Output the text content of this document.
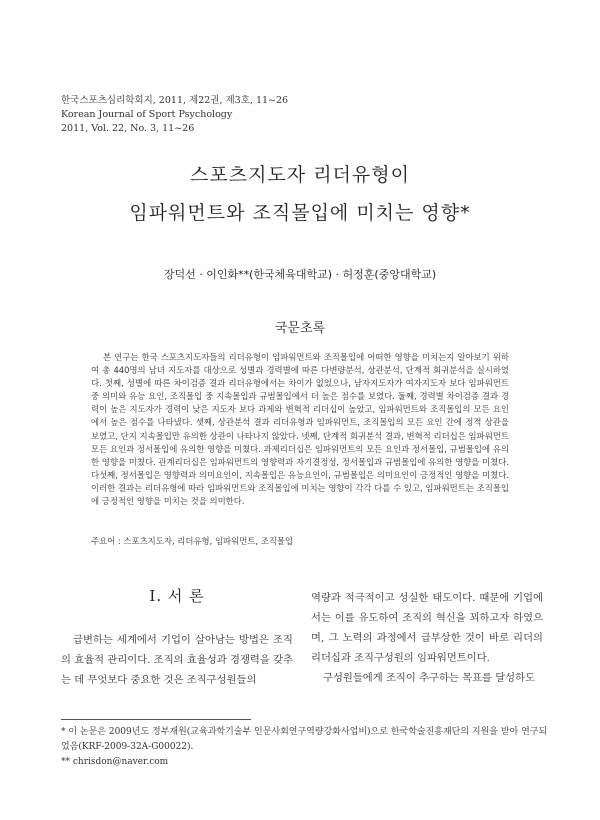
한국스포츠심리학회지, 2011, 제22권, 제3호, 11~26
Korean Journal of Sport Psychology
2011, Vol. 22, No. 3, 11~26
스포츠지도자 리더유형이
임파워먼트와 조직몰입에 미치는 영향*
장덕선 · 이인화**(한국체육대학교) · 허정훈(중앙대학교)
국문초록
본 연구는 한국 스포츠지도자들의 리더유형이 임파워먼트와 조직몰입에 어떠한 영향을 미치는지 알아보기 위하여 총 440명의 남녀 지도자를 대상으로 성별과 경력별에 따른 다변량분석, 상관분석, 단계적 회귀분석을 실시하였다. 첫째, 성별에 따른 차이검증 결과 리더유형에서는 차이가 없었으나, 남자지도자가 여자지도자 보다 임파워먼트 중 의미와 유능 요인, 조직몰입 중 지속몰입과 규범몰입에서 더 높은 점수를 보였다. 둘째, 경력별 차이검증 결과 경력이 높은 지도자가 경력이 낮은 지도자 보다 과제와 변혁적 리더십이 높았고, 임파워먼트와 조직몰입의 모든 요인에서 높은 점수를 나타냈다. 셋째, 상관분석 결과 리더유형과 임파워먼트, 조직몰입의 모든 요인 간에 정적 상관을 보였고, 단지 지속몰입만 유의한 상관이 나타나지 않았다. 넷째, 단계적 회귀분석 결과, 변혁적 리더십은 임파워먼트 모든 요인과 정서몰입에 유의한 영향을 미쳤다. 과제리더십은 임파워먼트의 모든 요인과 정서몰입, 규범몰입에 유의한 영향을 미쳤다. 관계리더십은 임파워먼트의 영향력과 자기결정성, 정서몰입과 규범몰입에 유의한 영향을 미쳤다. 다섯째, 정서몰입은 영향력과 의미요인이, 지속몰입은 유능요인이, 규범몰입은 의미요인이 긍정적인 영향을 미쳤다. 이러한 결과는 리더유형에 따라 임파워먼트와 조직몰입에 미치는 영향이 각각 다를 수 있고, 임파워먼트는 조직몰입에 긍정적인 영향을 미치는 것을 의미한다.
주요어 : 스포츠지도자, 리더유형, 임파워먼트, 조직몰입
Ⅰ. 서 론
급변하는 세계에서 기업이 살아남는 방법은 조직의 효율적 관리이다. 조직의 효율성과 경쟁력을 갖추는 데 무엇보다 중요한 것은 조직구성원들의
역량과 적극적이고 성실한 태도이다. 때문에 기업에서는 이를 유도하여 조직의 혁신을 꾀하고자 하였으며, 그 노력의 과정에서 급부상한 것이 바로 리더의 리더십과 조직구성원의 임파워먼트이다.
구성원들에게 조직이 추구하는 목표를 달성하도
* 이 논문은 2009년도 정부재원(교육과학기술부 인문사회연구역량강화사업비)으로 한국학술진흥재단의 지원을 받아 연구되었음(KRF-2009-32A-G00022).
** chrisdon@naver.com
